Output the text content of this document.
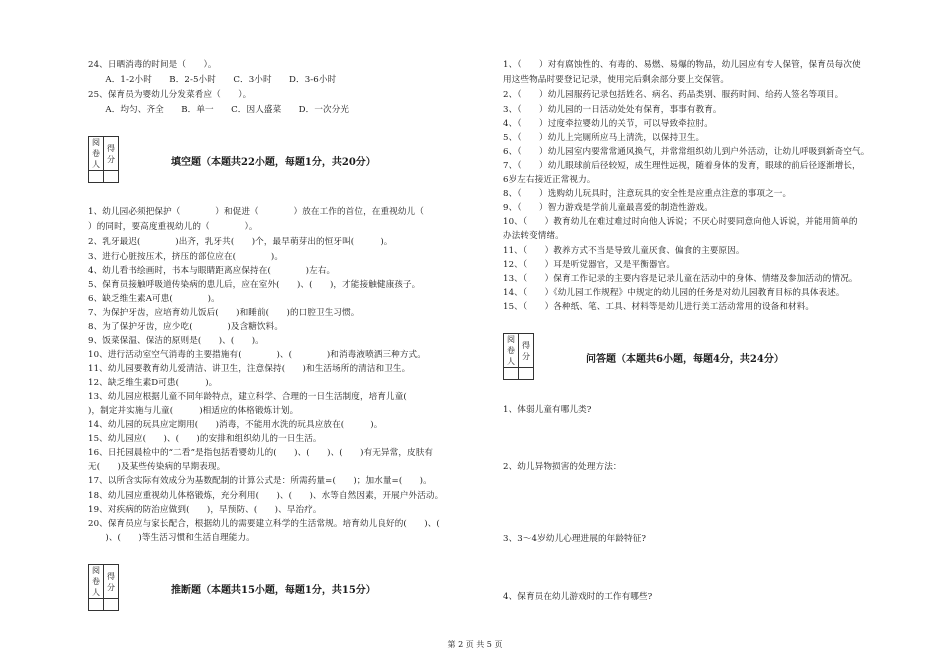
24、日晒消毒的时间是（　　）。
　　A．1-2小时　　B．2-5小时　　C．3小时　　D．3-6小时
25、保育员为婴幼儿分发菜肴应（　　）。
　　A．均匀、齐全　　B．单一　　C．因人盛菜　　D．一次分光
阅卷人	得分
		填空题（本题共22小题，每题1分，共20分）
1、幼儿园必须把保护（　　　　）和促进（　　　　）放在工作的首位，在重视幼儿（　　　　
）的同时，要高度重视幼儿的（　　　　）。
2、乳牙最迟(　　　　)出齐，乳牙共(　　)个，最早萌芽出的恒牙叫(　　　)。
3、进行心脏按压术，挤压的部位应在(　　　　)。
4、幼儿看书绘画时，书本与眼睛距离应保持在(　　　　)左右。
5、保育员接触呼吸道传染病的患儿后，应在室外(　　)、(　　)，才能接触健康孩子。
6、缺乏维生素A可患(　　　　)。
7、为保护牙齿，应培育幼儿饭后(　　)和睡前(　　)的口腔卫生习惯。
8、为了保护牙齿，应少吃(　　　　)及含糖饮料。
9、饭菜保温、保洁的原则是(　　)、(　　)。
10、进行活动室空气消毒的主要措施有(　　　　)、(　　　　)和消毒液喷洒三种方式。
11、幼儿园要教育幼儿爱清洁、讲卫生，注意保持(　　)和生活场所的清洁和卫生。
12、缺乏维生素D可患(　　　)。
13、幼儿园应根据儿童不同年龄特点，建立科学、合理的一日生活制度，培育儿童(　　　
)，制定并实施与儿童(　　　)相适应的体格锻炼计划。
14、幼儿园的玩具应定期用(　　)消毒，不能用水洗的玩具应放在(　　　)。
15、幼儿园应(　　)、(　　)的安排和组织幼儿的一日生活。
16、日托园晨检中的“二看”是指包括看婴幼儿的(　　)、(　　)、(　　)有无异常，皮肤有
无(　　)及某些传染病的早期表现。
17、以所含实际有效成分为基数配制的计算公式是：所需药量=(　　)；加水量=(　　)。
18、幼儿园应重视幼儿体格锻炼，充分利用(　　)、(　　)、水等自然因素，开展户外活动。
19、对疾病的防治应做到(　　)，早预防、(　　)、早治疗。
20、保育员应与家长配合，根据幼儿的需要建立科学的生活常规。培育幼儿良好的(　　)、(
　　)、(　　)等生活习惯和生活自理能力。
阅卷人	得分
		推断题（本题共15小题，每题1分，共15分）
1、（　　）对有腐蚀性的、有毒的、易燃、易爆的物品，幼儿园应有专人保管，保育员每次使
用这些物品时要登记记录，使用完后剩余部分要上交保管。
2、（　　）幼儿园服药记录包括姓名、病名、药品类别、服药时间、给药人签名等项目。
3、（　　）幼儿园的一日活动处处有保育，事事有教育。
4、（　　）过度牵拉婴幼儿的关节，可以导致牵拉肘。
5、（　　）幼儿上完厕所应马上清洗，以保持卫生。
6、（　　）幼儿园室内要常常通风换气，并常常组织幼儿到户外活动，让幼儿呼吸到新奇空气。
7、（　　）幼儿眼球前后径较短，成生理性远视，随着身体的发育，眼球的前后径逐渐增长，
6岁左右接近正常视力。
8、（　　）选购幼儿玩具时，注意玩具的安全性是应重点注意的事项之一。
9、（　　）智力游戏是学前儿童最喜爱的制造性游戏。
10、（　　）教育幼儿在难过难过时向他人诉说；不厌心时要同意向他人诉说，并能用简单的
办法转变情绪。
11、（　　）教养方式不当是导致儿童厌食、偏食的主要原因。
12、（　　）耳是听觉器官，又是平衡器官。
13、（　　）保育工作记录的主要内容是记录儿童在活动中的身体、情绪及参加活动的情况。
14、（　　）《幼儿园工作规程》中规定的幼儿园的任务是对幼儿园教育目标的具体表述。
15、（　　）各种纸、笔、工具、材料等是幼儿进行美工活动常用的设备和材料。
阅卷人	得分
		问答题（本题共6小题，每题4分，共24分）
1、体弱儿童有哪儿类?
2、幼儿异物损害的处理方法：
3、3～4岁幼儿心理进展的年龄特征?
4、保育员在幼儿游戏时的工作有哪些?
第 2 页 共 5 页
